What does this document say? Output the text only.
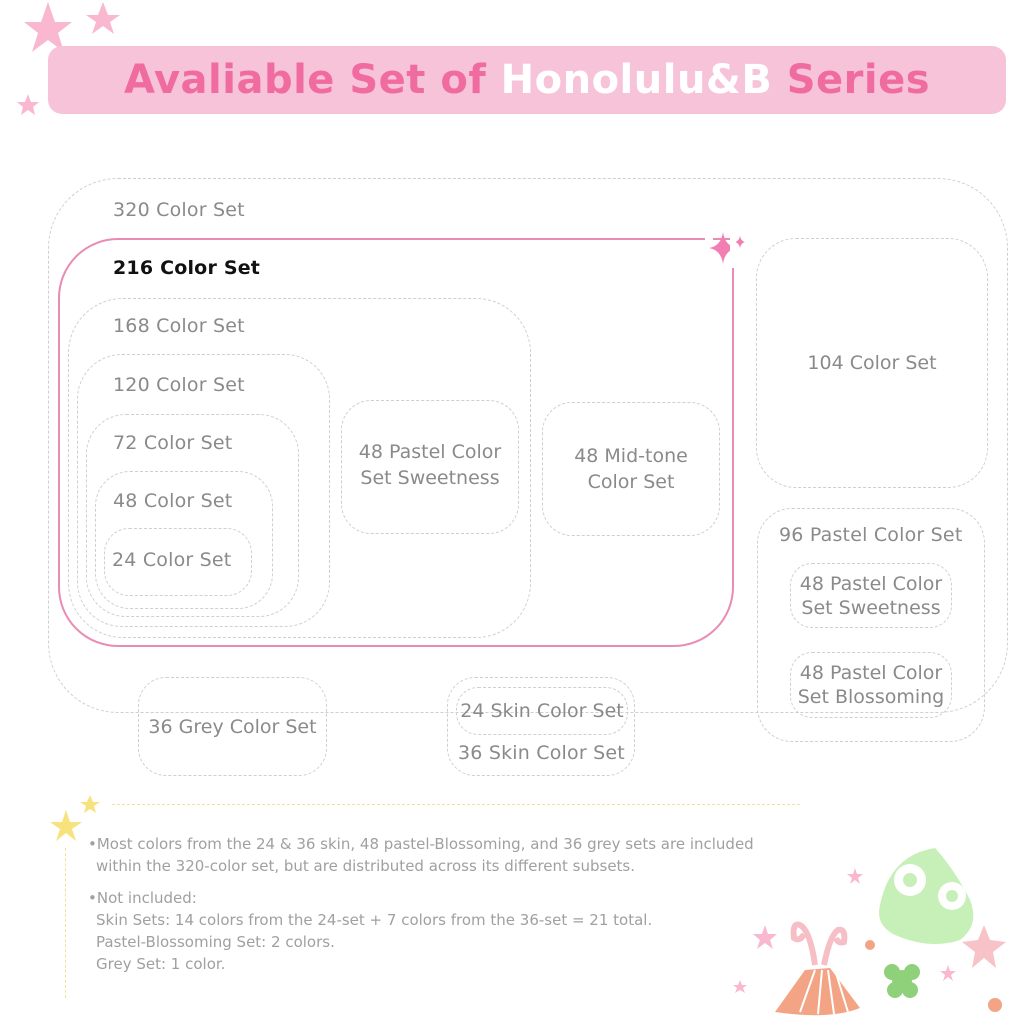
Avaliable Set of Honolulu&B Series
320 Color Set
216 Color Set
168 Color Set
120 Color Set
72 Color Set
48 Color Set
24 Color Set
48 Pastel Color Set Sweetness
48 Mid-tone Color Set
104 Color Set
96 Pastel Color Set
48 Pastel Color Set Sweetness
48 Pastel Color Set Blossoming
36 Grey Color Set
24 Skin Color Set
36 Skin Color Set

•Most colors from the 24 & 36 skin, 48 pastel-Blossoming, and 36 grey sets are included

within the 320-color set, but are distributed across its different subsets.

•Not included:

Skin Sets: 14 colors from the 24-set + 7 colors from the 36-set = 21 total.

Pastel-Blossoming Set: 2 colors.

Grey Set: 1 color.
